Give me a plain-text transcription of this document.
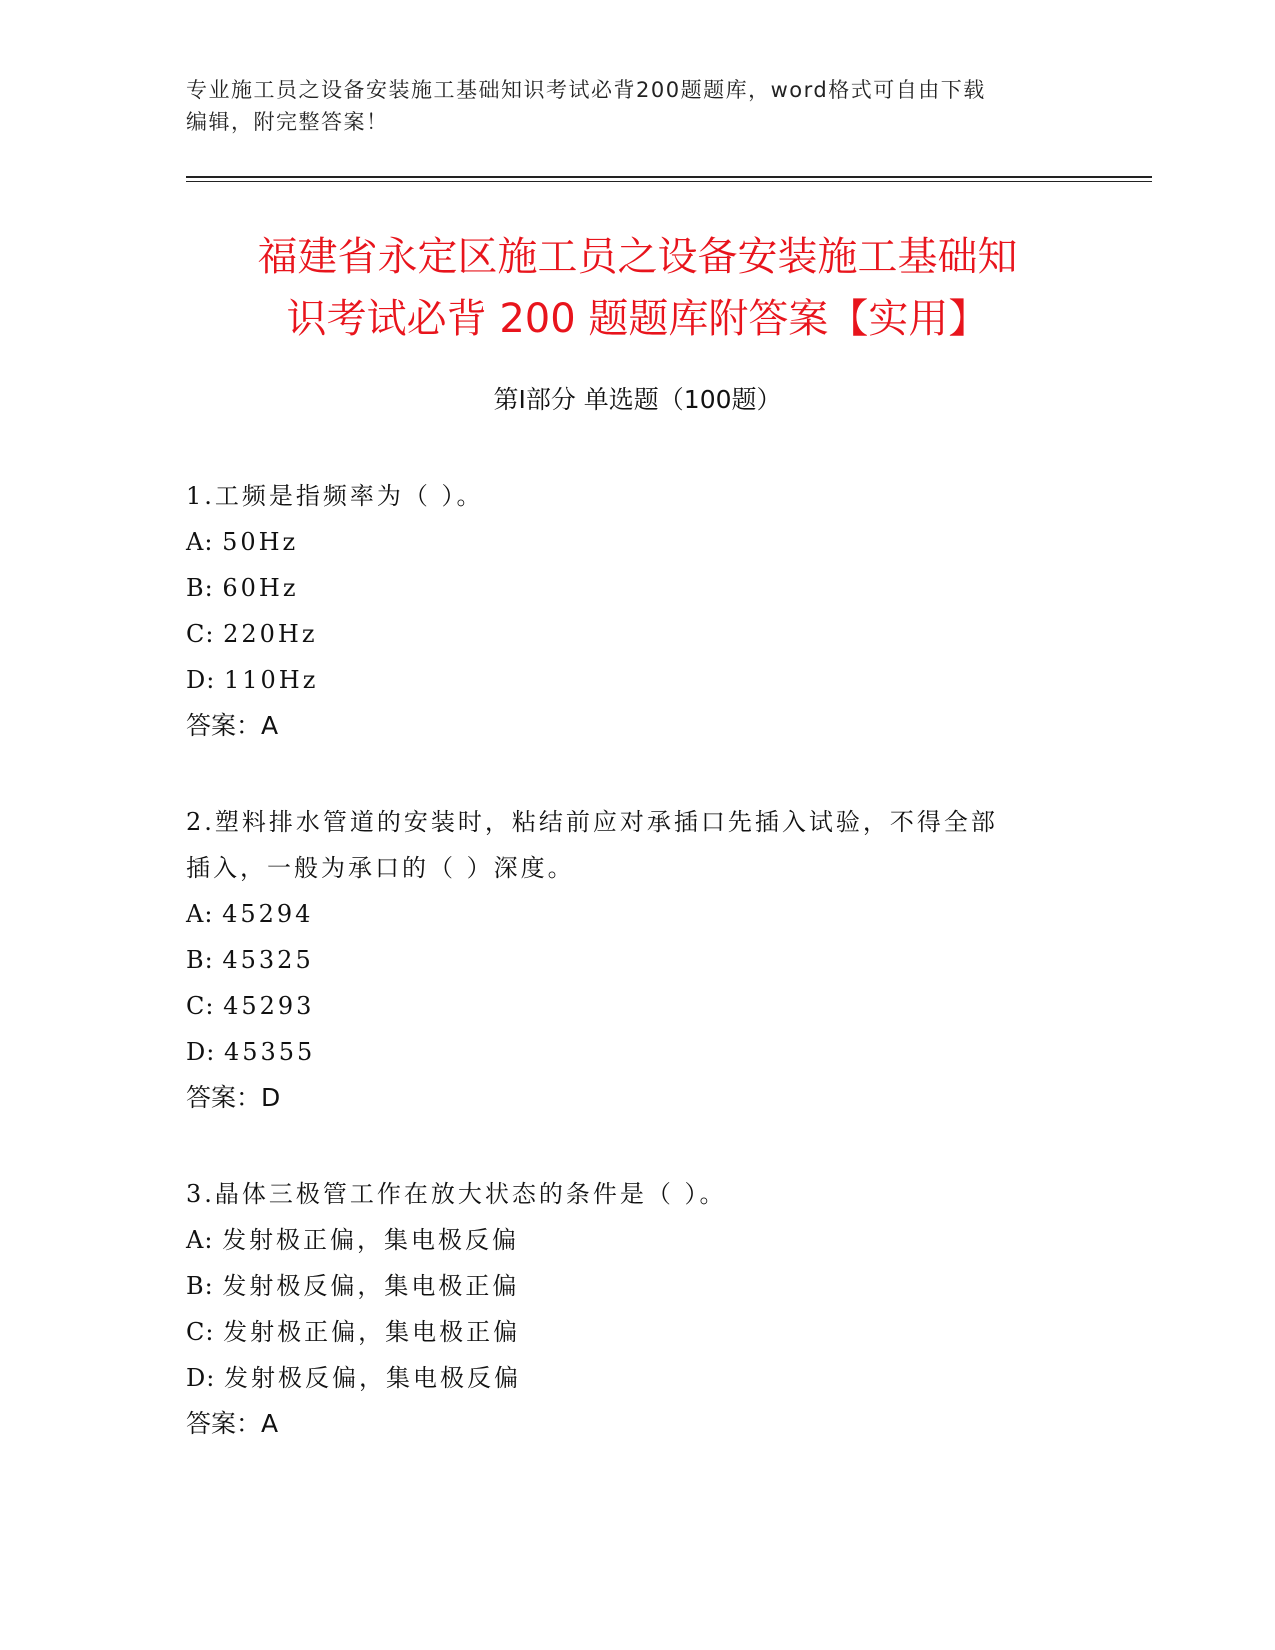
专业施工员之设备安装施工基础知识考试必背200题题库，word格式可自由下载
编辑，附完整答案！
福建省永定区施工员之设备安装施工基础知
识考试必背 200 题题库附答案【实用】
第Ⅰ部分 单选题（100题）
1.工频是指频率为（ ）。
A: 50Hz
B: 60Hz
C: 220Hz
D: 110Hz
答案：A
2.塑料排水管道的安装时，粘结前应对承插口先插入试验，不得全部
插入，一般为承口的（ ）深度。
A: 45294
B: 45325
C: 45293
D: 45355
答案：D
3.晶体三极管工作在放大状态的条件是（ ）。
A: 发射极正偏，集电极反偏
B: 发射极反偏，集电极正偏
C: 发射极正偏，集电极正偏
D: 发射极反偏，集电极反偏
答案：A
